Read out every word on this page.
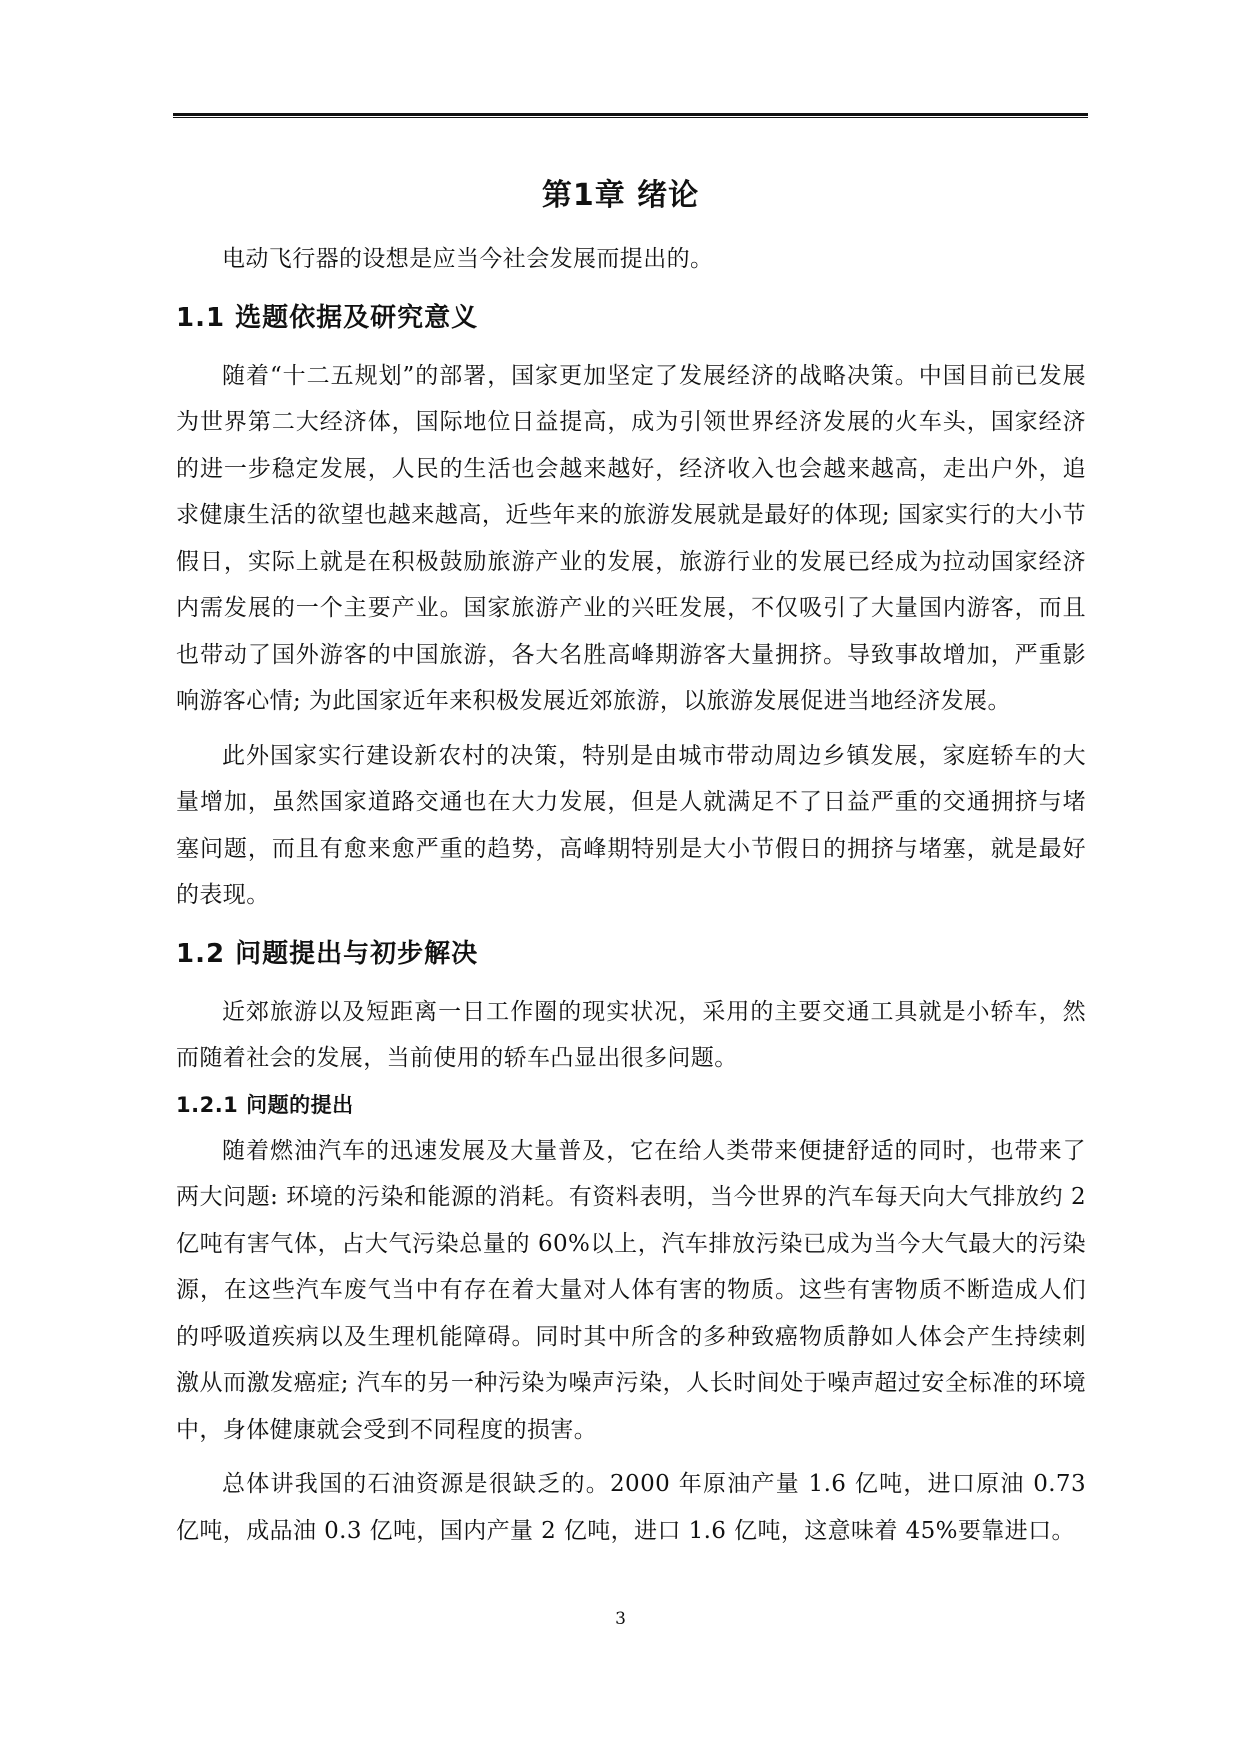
第1章 绪论

电动飞行器的设想是应当今社会发展而提出的。

1.1 选题依据及研究意义

随着“十二五规划”的部署，国家更加坚定了发展经济的战略决策。中国目前已发展为世界第二大经济体，国际地位日益提高，成为引领世界经济发展的火车头，国家经济的进一步稳定发展，人民的生活也会越来越好，经济收入也会越来越高，走出户外，追求健康生活的欲望也越来越高，近些年来的旅游发展就是最好的体现; 国家实行的大小节假日，实际上就是在积极鼓励旅游产业的发展，旅游行业的发展已经成为拉动国家经济内需发展的一个主要产业。国家旅游产业的兴旺发展，不仅吸引了大量国内游客，而且也带动了国外游客的中国旅游，各大名胜高峰期游客大量拥挤。导致事故增加，严重影响游客心情; 为此国家近年来积极发展近郊旅游，以旅游发展促进当地经济发展。

此外国家实行建设新农村的决策，特别是由城市带动周边乡镇发展，家庭轿车的大量增加，虽然国家道路交通也在大力发展，但是人就满足不了日益严重的交通拥挤与堵塞问题，而且有愈来愈严重的趋势，高峰期特别是大小节假日的拥挤与堵塞，就是最好的表现。

1.2 问题提出与初步解决

近郊旅游以及短距离一日工作圈的现实状况，采用的主要交通工具就是小轿车，然而随着社会的发展，当前使用的轿车凸显出很多问题。

1.2.1 问题的提出

随着燃油汽车的迅速发展及大量普及，它在给人类带来便捷舒适的同时，也带来了两大问题: 环境的污染和能源的消耗。有资料表明，当今世界的汽车每天向大气排放约 2 亿吨有害气体，占大气污染总量的 60%以上，汽车排放污染已成为当今大气最大的污染源，在这些汽车废气当中有存在着大量对人体有害的物质。这些有害物质不断造成人们的呼吸道疾病以及生理机能障碍。同时其中所含的多种致癌物质静如人体会产生持续刺激从而激发癌症; 汽车的另一种污染为噪声污染，人长时间处于噪声超过安全标准的环境中，身体健康就会受到不同程度的损害。

总体讲我国的石油资源是很缺乏的。2000 年原油产量 1.6 亿吨，进口原油 0.73 亿吨，成品油 0.3 亿吨，国内产量 2 亿吨，进口 1.6 亿吨，这意味着 45%要靠进口。

3
